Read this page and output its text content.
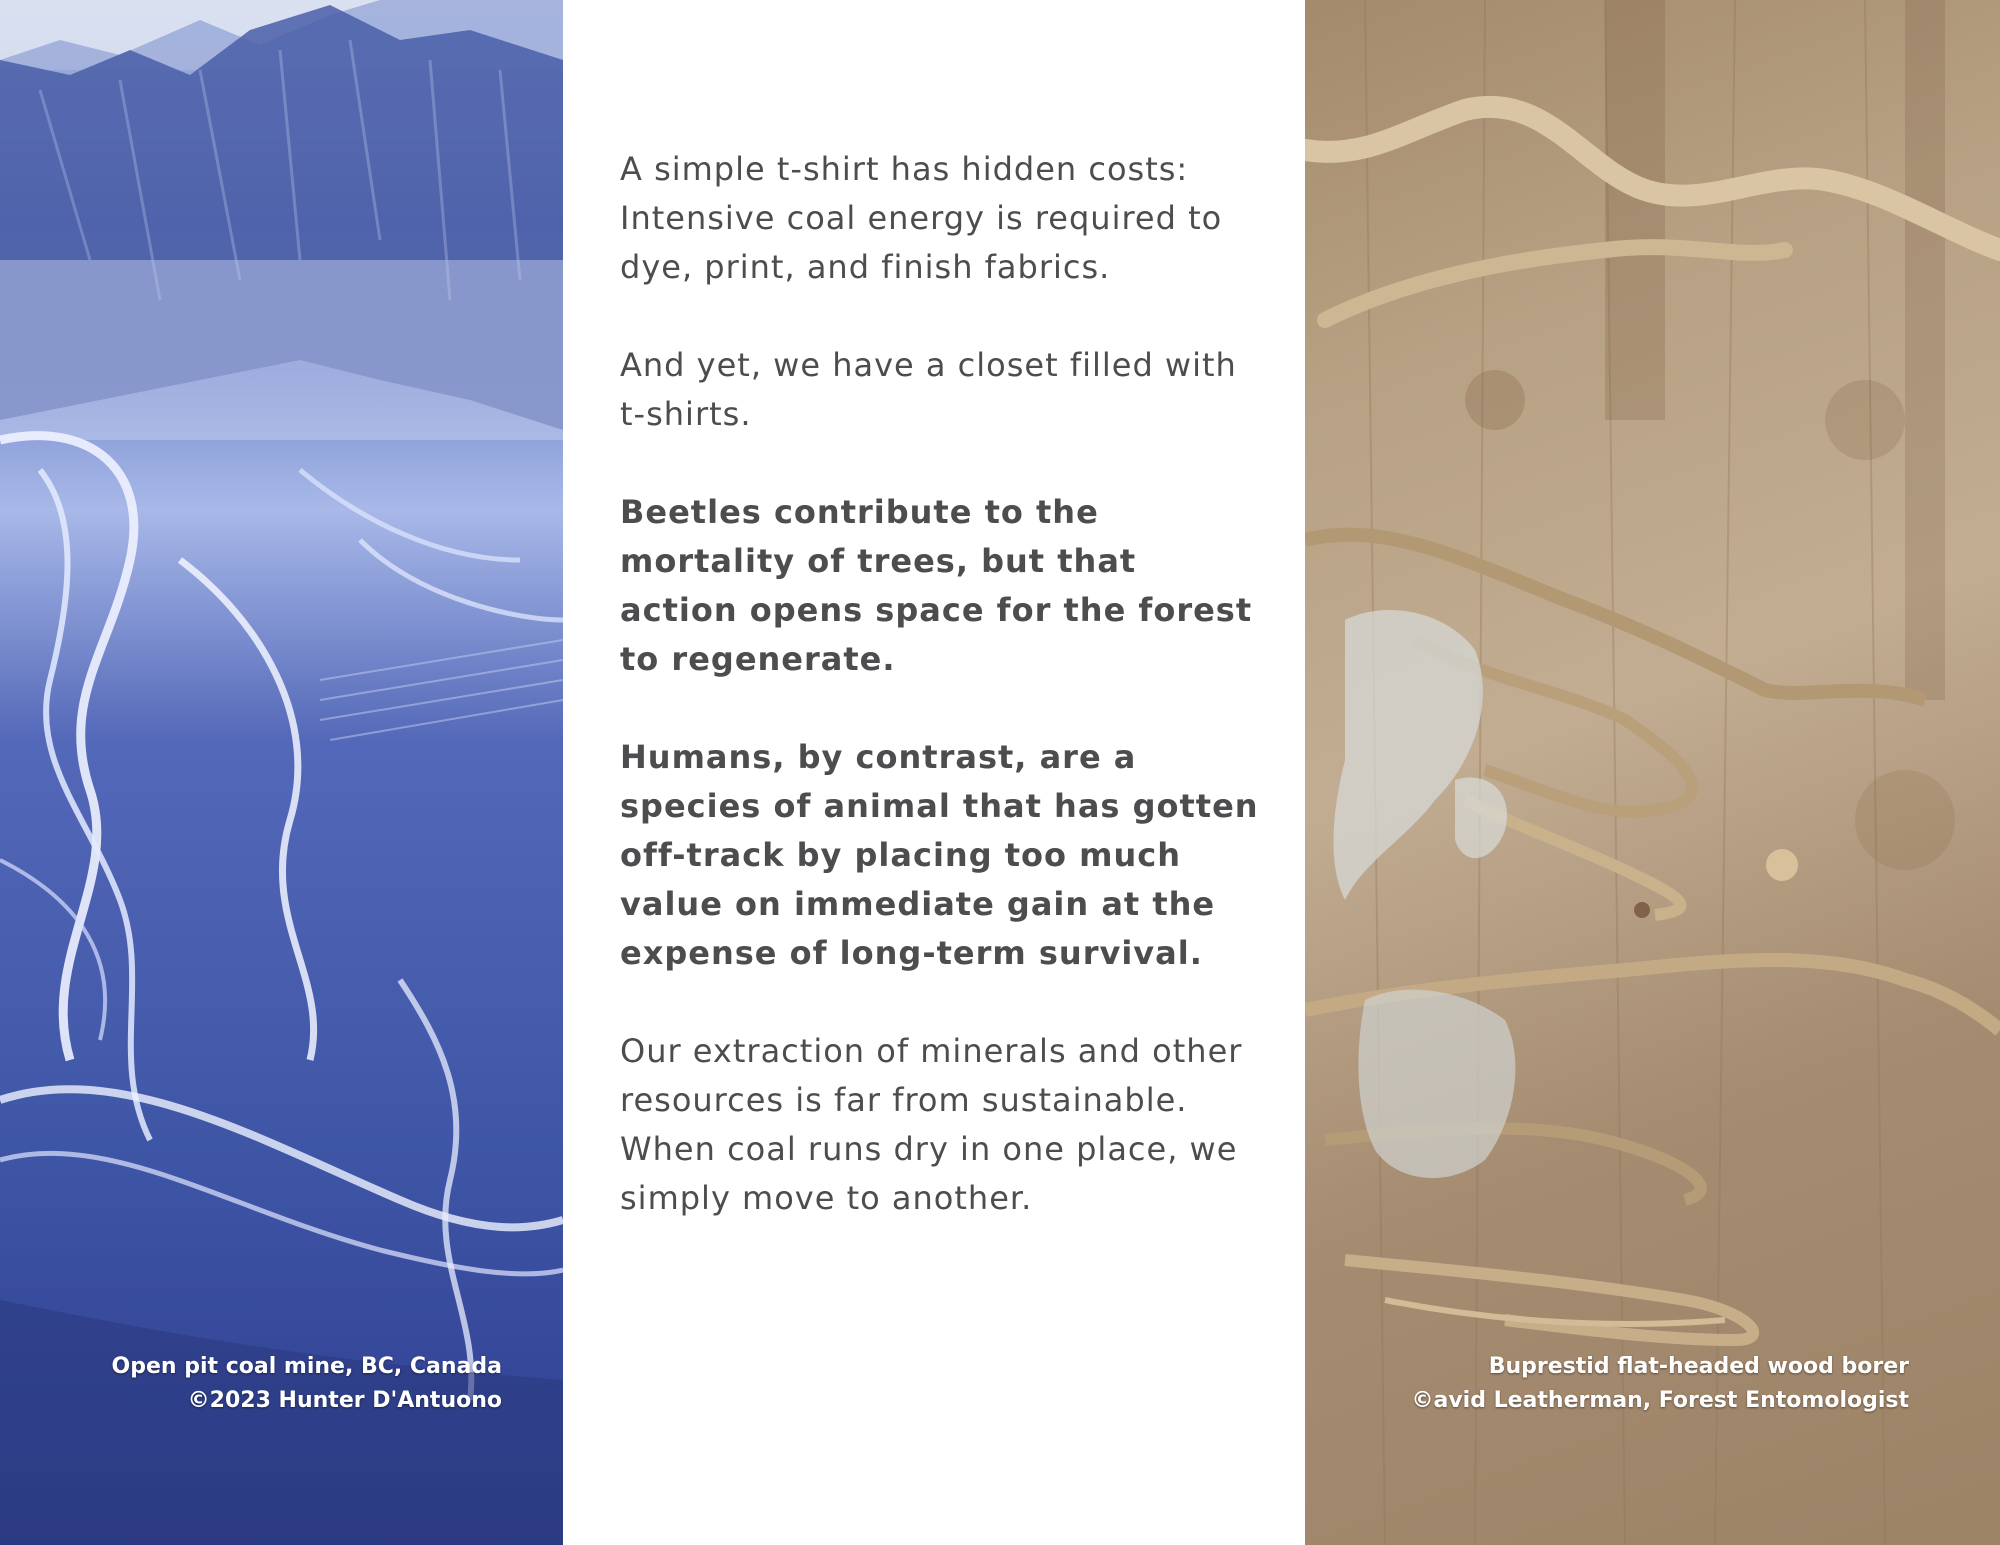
Open pit coal mine, BC, Canada
©2023 Hunter D'Antuono

A simple t-shirt has hidden costs: Intensive coal energy is required to dye, print, and finish fabrics.

And yet, we have a closet filled with t-shirts.

Beetles contribute to the mortality of trees, but that action opens space for the forest to regenerate.

Humans, by contrast, are a species of animal that has gotten off-track by placing too much value on immediate gain at the expense of long-term survival.

Our extraction of minerals and other resources is far from sustainable. When coal runs dry in one place, we simply move to another.

Buprestid flat-headed wood borer
©avid Leatherman, Forest Entomologist
